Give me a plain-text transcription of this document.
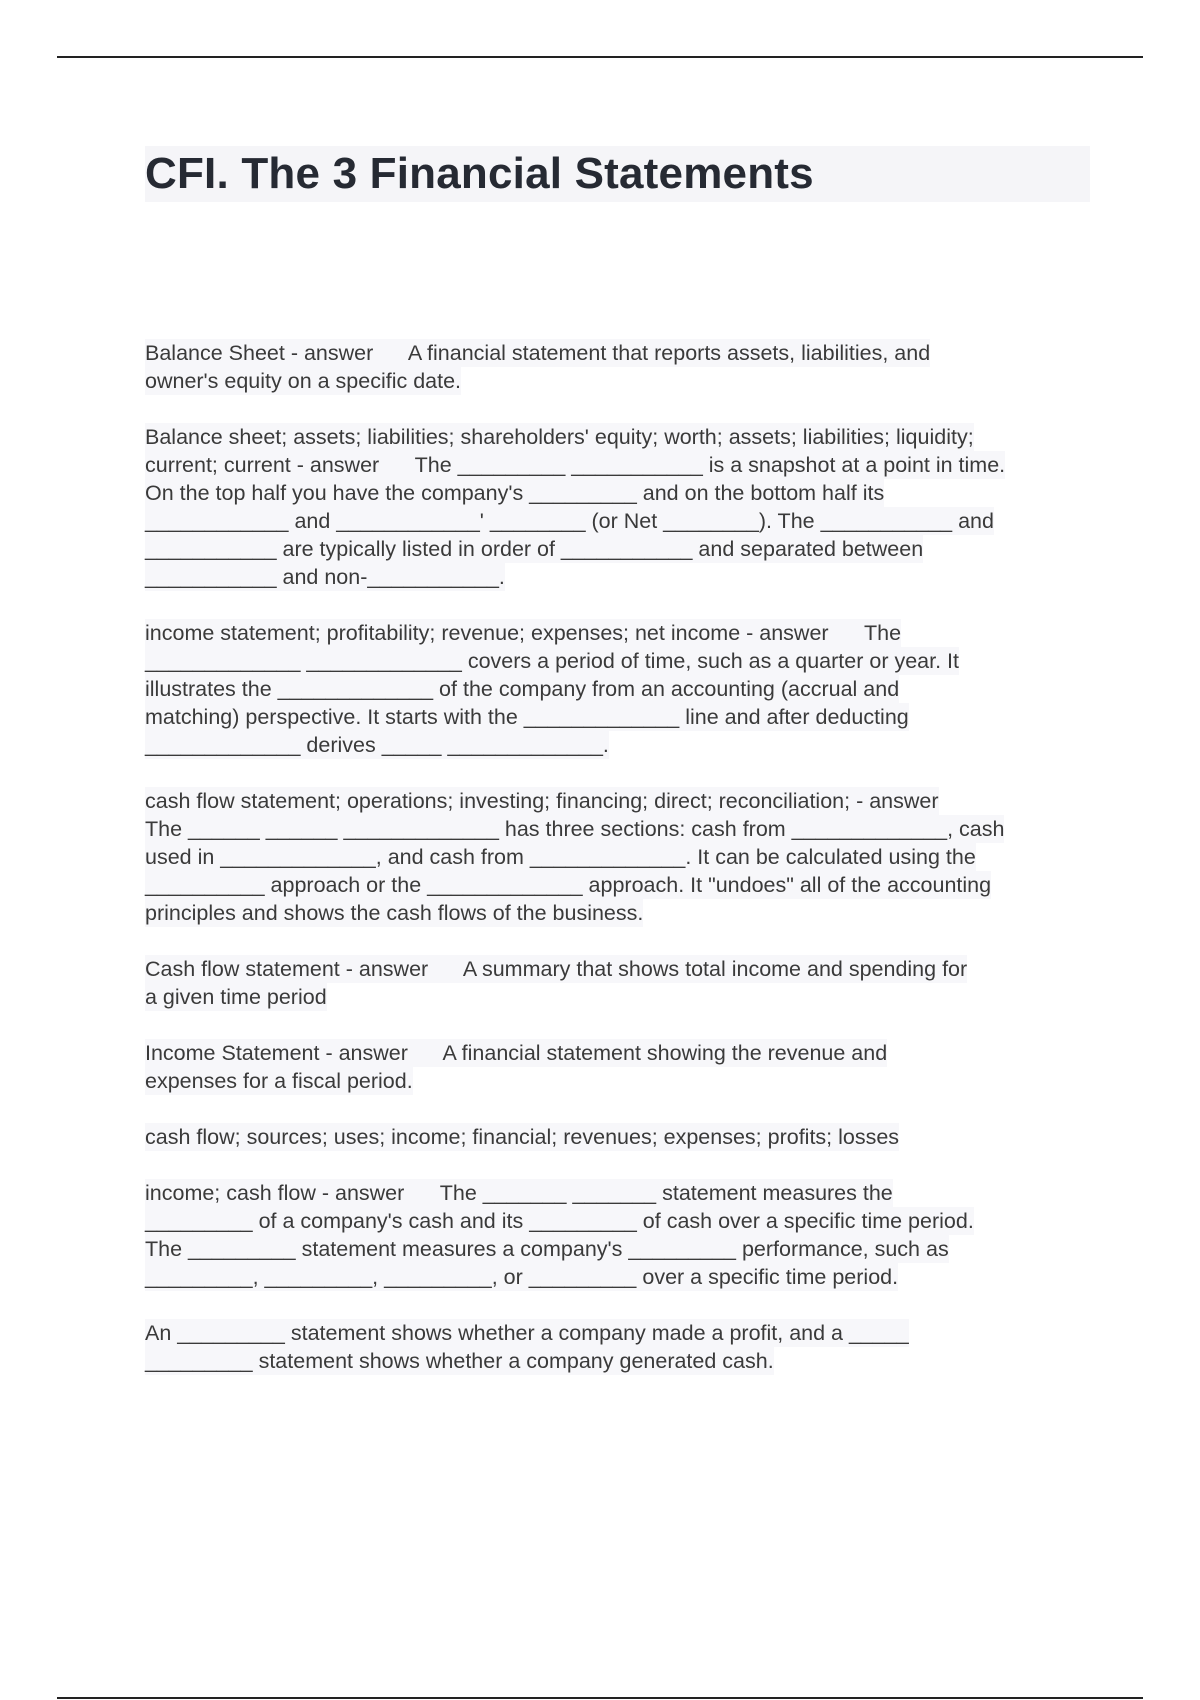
CFI. The 3 Financial Statements
Balance Sheet - answer      A financial statement that reports assets, liabilities, and
owner's equity on a specific date.
Balance sheet; assets; liabilities; shareholders' equity; worth; assets; liabilities; liquidity;
current; current - answer      The _________ ___________ is a snapshot at a point in time.
On the top half you have the company's _________ and on the bottom half its
____________ and ____________' ________ (or Net ________). The ___________ and
___________ are typically listed in order of ___________ and separated between
___________ and non-___________.
income statement; profitability; revenue; expenses; net income - answer      The
_____________ _____________ covers a period of time, such as a quarter or year. It
illustrates the _____________ of the company from an accounting (accrual and
matching) perspective. It starts with the _____________ line and after deducting
_____________ derives _____ _____________.
cash flow statement; operations; investing; financing; direct; reconciliation; - answer
The ______ ______ _____________ has three sections: cash from _____________, cash
used in _____________, and cash from _____________. It can be calculated using the
__________ approach or the _____________ approach. It "undoes" all of the accounting
principles and shows the cash flows of the business.
Cash flow statement - answer      A summary that shows total income and spending for
a given time period
Income Statement - answer      A financial statement showing the revenue and
expenses for a fiscal period.
cash flow; sources; uses; income; financial; revenues; expenses; profits; losses
income; cash flow - answer      The _______ _______ statement measures the
_________ of a company's cash and its _________ of cash over a specific time period.
The _________ statement measures a company's _________ performance, such as
_________, _________, _________, or _________ over a specific time period.
An _________ statement shows whether a company made a profit, and a _____
_________ statement shows whether a company generated cash.
